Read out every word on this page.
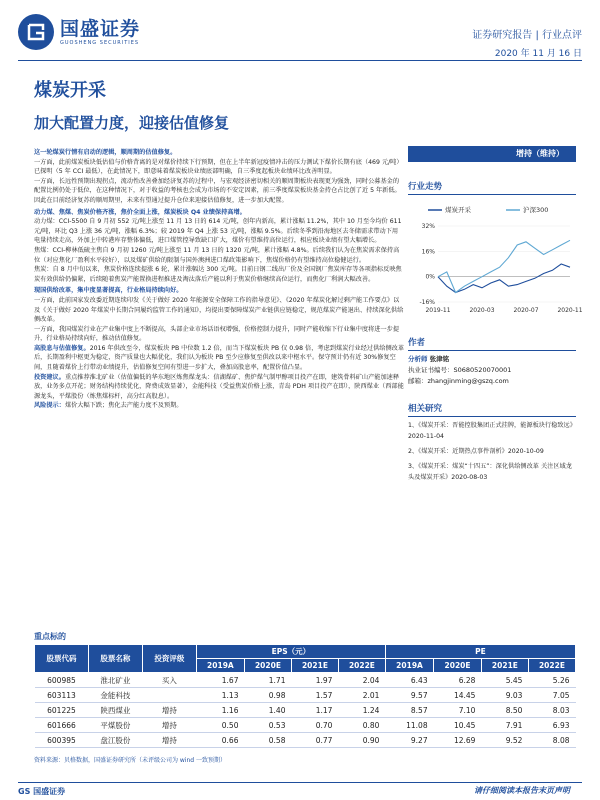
国盛证券
GUOSHENG SECURITIES
证券研究报告 | 行业点评
2020 年 11 月 16 日
煤炭开采
加大配置力度，迎接估值修复
这一轮煤炭行情有启动的逻辑，顺周期的估值修复。
一方面，此前煤炭板块低估值与价格背离的是对煤价持续下行预期，但在上半年新冠疫情冲击的压力测试下煤价长期有底（469 元/吨）已探明（5 年 CCI 最低），在此情况下，即意味着煤炭板块业绩底部明确，自三季度起板块业绩环比改善明显。
一方面，长远性预期出现拐点，流动性改善叠加经济复苏的过程中，与宏观经济密切相关的顺周期板块表现更为强劲，同时公募基金的配置比例仍处于低位，在这种情况下，对于收益的考核也会成为市场的不安定因素，前三季度煤炭板块基金持仓占比创了近 5 年新低。因此在目前经济复苏的顺周期里，未来有望通过提升仓位来迎接估值修复，进一步加大配置。
动力煤、焦煤、焦炭价格齐涨，焦价全面上涨，煤炭板块 Q4 业绩保持高增。
动力煤：CCI-5500 自 9 月初 552 元/吨上涨至 11 月 13 日的 614 元/吨，创年内新高，累计涨幅 11.2%，其中 10 月至今均价 611 元/吨，环比 Q3 上涨 36 元/吨，涨幅 6.3%；较 2019 年 Q4 上涨 53 元/吨，涨幅 9.5%。后续冬季到沿海地区去冬储需求带动下用电量持续走高，外加上中转港库存整体偏低，进口煤管控导致缺口扩大，煤价有望维持高位运行，相应板块业绩有望大幅增长。
焦煤：CCI-柳林低硫主焦自 9 月初 1260 元/吨上涨至 11 月 13 日的 1320 元/吨，累计涨幅 4.8%。后续我们认为在焦炭需求保持高位（对应焦化厂盈利水平较好），以及煤矿供给的限制与国外澳洲进口煤政策影响下，焦煤价格仍有望维持高位稳健运行。
焦炭：自 8 月中旬以来，焦炭价格连续提涨 6 轮，累计涨幅达 300 元/吨。目前日钢二线出厂价及全国钢厂焦炭库存等各项指标反映焦炭有效供给仍偏紧，后续随着焦炭产能置换进程推进及淘汰落后产能以利于焦炭价格继续高位运行，而焦化厂利润大幅改善。
现国供给改革，集中度显著提高，行业格局持续向好。
一方面，此前国家发改委近期连续印发《关于做好 2020 年能源安全保障工作的指导意见》、《2020 年煤炭化解过剩产能工作要点》以及《关于做好 2020 年煤炭中长期合同履约监管工作的通知》，均提出要保障煤炭产业链供应链稳定，规范煤炭产能退出、持续深化供给侧改革。
一方面，我国煤炭行业在产业集中度上不断提高，头部企业市场话语权增强，价格控制力提升，同时产能收缩下行业集中度将进一步提升，行业格局持续向好，推动估值修复。
高股息与估值修复。2016 年供改至今，煤炭板块 PB 中位数 1.2 倍，而当下煤炭板块 PB 仅 0.98 倍，考虑到煤炭行业经过供给侧改革后，长期盈利中枢更为稳定，资产质量也大幅优化，我们认为板块 PB 至少应修复至供改以来中枢水平。保守预计仍有近 30%修复空间，且随着煤价上行带动业绩提升，估值修复空间有望进一步扩大，叠加高股息率，配置价值凸显。
投资建议。重点推荐淮北矿业（估值偏低的华东地区炼焦煤龙头：信湖煤矿、焦炉煤气制甲醇项目投产在即，建筑骨料矿山产能加速释放，业务多点开花；财务结构持续优化，降费成效显著），金能科技（受益焦炭价格上涨，青岛 PDH 项目投产在即），陕西煤业（西部能源龙头，平煤股份（炼焦煤标杆，高分红高股息）。
风险提示：煤价大幅下跌；焦化去产能力度不及预期。
增持（维持）
行业走势
煤炭开采	沪深300
32%
16%
0%
-16%
2019-11	2020-03	2020-07	2020-11
作者
分析师 张津铭
执业证书编号：S0680520070001
邮箱：zhangjinming@gszq.com
相关研究
1、《煤炭开采：晋能控股集团正式挂牌，能源板块行稳致远》2020-11-04
2、《煤炭开采：近期热点事件剖析》2020-10-09
3、《煤炭开采：煤炭“十四五”：深化供给侧改革 关注区域龙头及煤炭开采》2020-08-03
重点标的
股票代码	股票名称	投资评级	EPS（元）				PE			
			2019A	2020E	2021E	2022E	2019A	2020E	2021E	2022E
600985	淮北矿业	买入	1.67	1.71	1.97	2.04	6.43	6.28	5.45	5.26
603113	金能科技		1.13	0.98	1.57	2.01	9.57	14.45	9.03	7.05
601225	陕西煤业	增持	1.16	1.40	1.17	1.24	8.57	7.10	8.50	8.03
601666	平煤股份	增持	0.50	0.53	0.70	0.80	11.08	10.45	7.91	6.93
600395	盘江股份	增持	0.66	0.58	0.77	0.90	9.27	12.69	9.52	8.08
资料来源：贝格数据，国盛证券研究所（未评级公司为 wind 一致预期）
GS 国盛证券	请仔细阅读本报告末页声明
